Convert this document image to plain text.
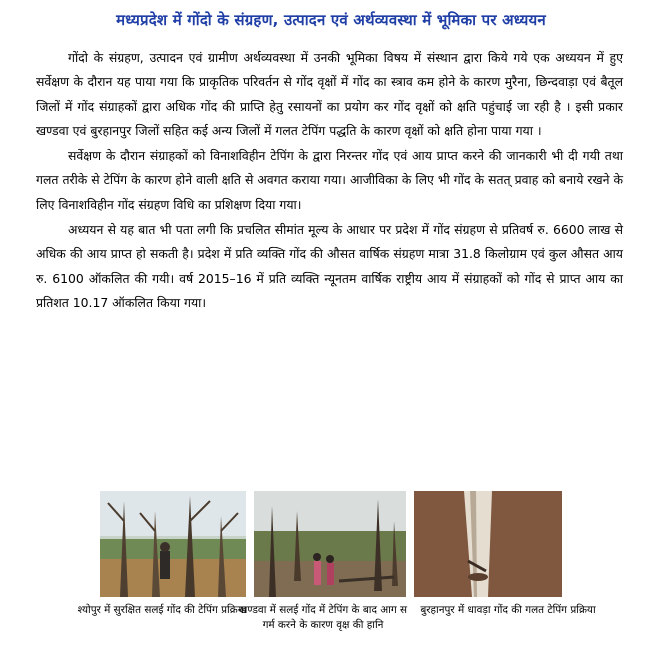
मध्यप्रदेश में गोंदो के संग्रहण, उत्पादन एवं अर्थव्यवस्था में भूमिका पर अध्ययन

गोंदो के संग्रहण, उत्पादन एवं ग्रामीण अर्थव्यवस्था में उनकी भूमिका विषय में संस्थान द्वारा किये गये एक अध्ययन में हुए सर्वेक्षण के दौरान यह पाया गया कि प्राकृतिक परिवर्तन से गोंद वृक्षों में गोंद का स्त्राव कम होने के कारण मुरैना, छिन्दवाड़ा एवं बैतूल जिलों में गोंद संग्राहकों द्वारा अधिक गोंद की प्राप्ति हेतु रसायनों का प्रयोग कर गोंद वृक्षों को क्षति पहुंचाई जा रही है । इसी प्रकार खण्डवा एवं बुरहानपुर जिलों सहित कई अन्य जिलों में गलत टेपिंग पद्धति के कारण वृक्षों को क्षति होना पाया गया ।

सर्वेक्षण के दौरान संग्राहकों को विनाशविहीन टेपिंग के द्वारा निरन्तर गोंद एवं आय प्राप्त करने की जानकारी भी दी गयी तथा गलत तरीके से टेपिंग के कारण होने वाली क्षति से अवगत कराया गया। आजीविका के लिए भी गोंद के सतत् प्रवाह को बनाये रखने के लिए विनाशविहीन गोंद संग्रहण विधि का प्रशिक्षण दिया गया।

अध्ययन से यह बात भी पता लगी कि प्रचलित सीमांत मूल्य के आधार पर प्रदेश में गोंद संग्रहण से प्रतिवर्ष रु. 6600 लाख से अधिक की आय प्राप्त हो सकती है। प्रदेश में प्रति व्यक्ति गोंद की औसत वार्षिक संग्रहण मात्रा 31.8 किलोग्राम एवं कुल औसत आय रु. 6100 ऑकलित की गयी। वर्ष 2015–16 में प्रति व्यक्ति न्यूनतम वार्षिक राष्ट्रीय आय में संग्राहकों को गोंद से प्राप्त आय का प्रतिशत 10.17 ऑकलित किया गया।

श्योपुर में सुरक्षित सलई गोंद की टेपिंग प्रक्रिया
खण्डवा में सलई गोंद में टेपिंग के बाद आग स गर्म करने के कारण वृक्ष की हानि
बुरहानपुर में धावड़ा गोंद की गलत टेपिंग प्रक्रिया
